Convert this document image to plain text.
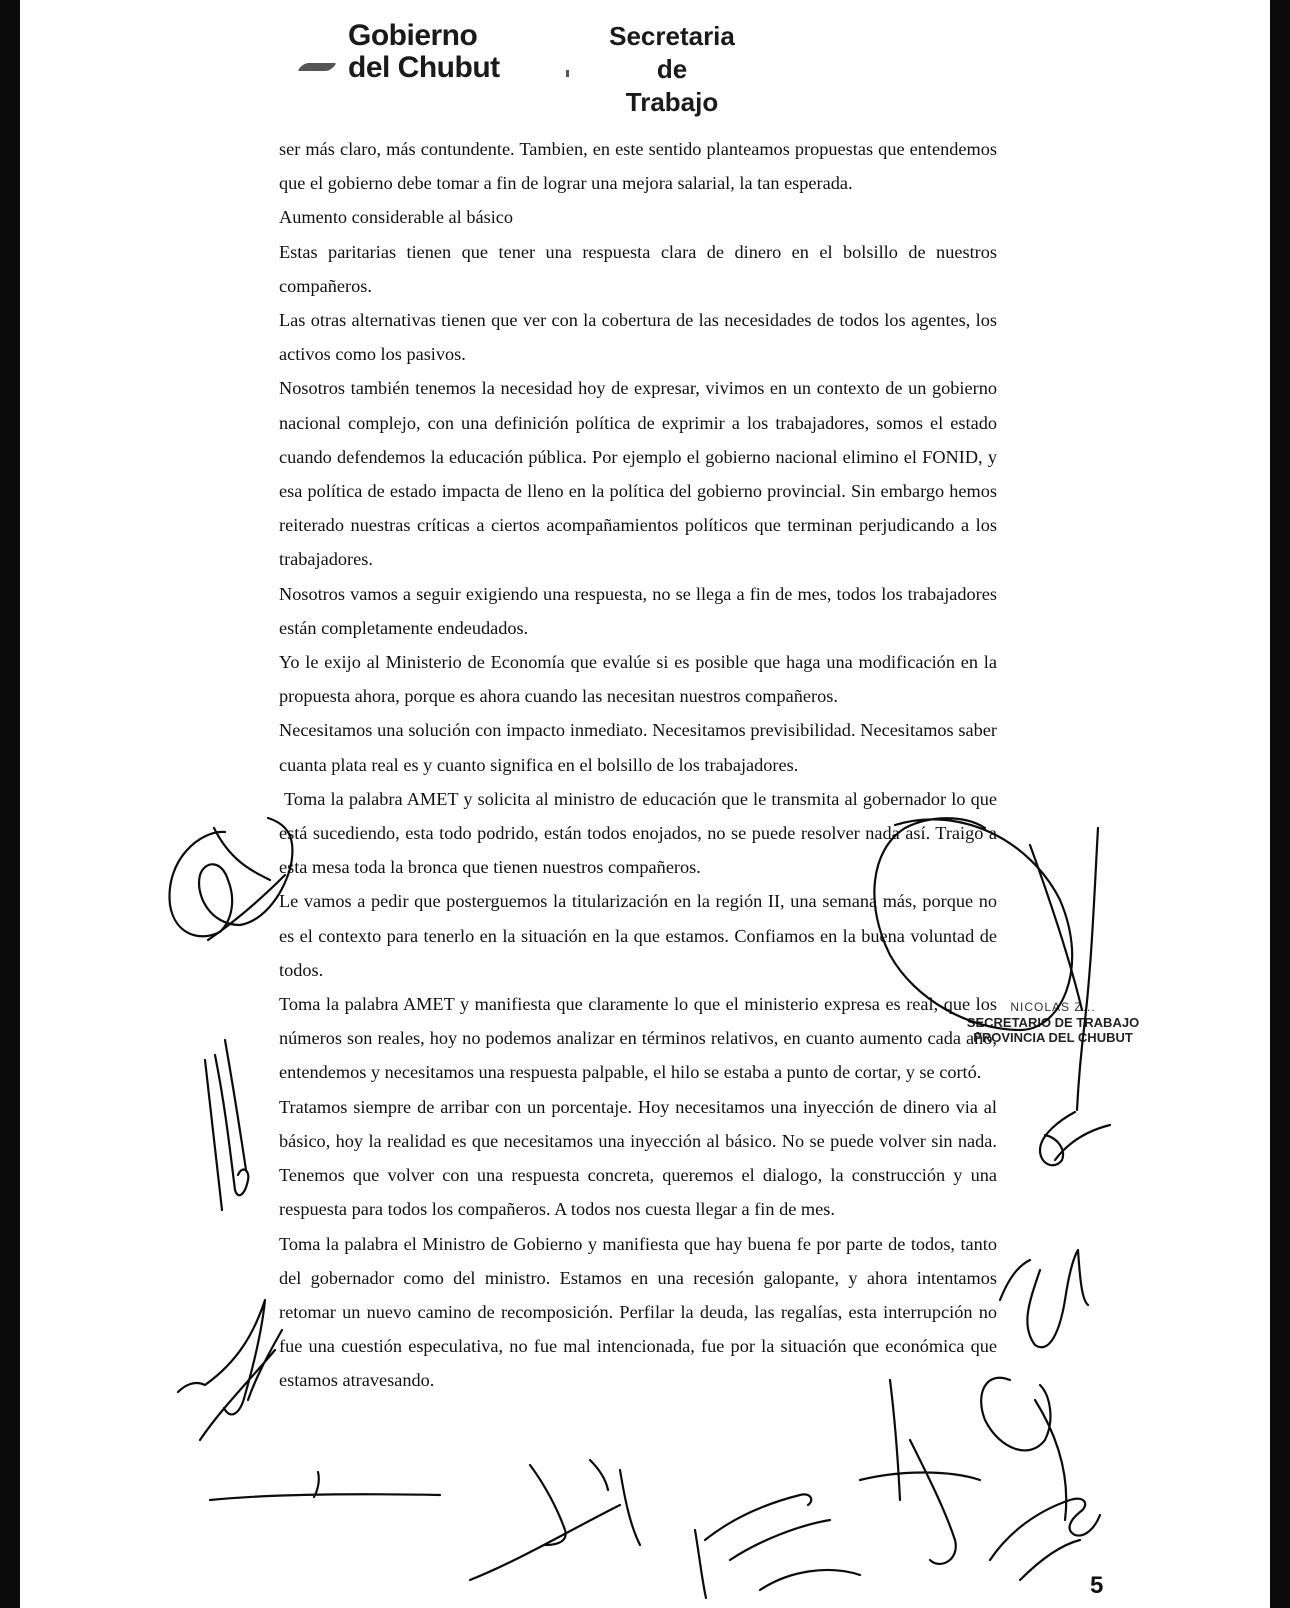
Gobierno
del Chubut
Secretaria de
Trabajo

ser más claro, más contundente. Tambien, en este sentido planteamos propuestas que entendemos que el gobierno debe tomar a fin de lograr una mejora salarial, la tan esperada.

Aumento considerable al básico

Estas paritarias tienen que tener una respuesta clara de dinero en el bolsillo de nuestros compañeros.

Las otras alternativas tienen que ver con la cobertura de las necesidades de todos los agentes, los activos como los pasivos.

Nosotros también tenemos la necesidad hoy de expresar, vivimos en un contexto de un gobierno nacional complejo, con una definición política de exprimir a los trabajadores, somos el estado cuando defendemos la educación pública. Por ejemplo el gobierno nacional elimino el FONID, y esa política de estado impacta de lleno en la política del gobierno provincial. Sin embargo hemos reiterado nuestras críticas a ciertos acompañamientos políticos que terminan perjudicando a los trabajadores.

Nosotros vamos a seguir exigiendo una respuesta, no se llega a fin de mes, todos los trabajadores están completamente endeudados.

Yo le exijo al Ministerio de Economía que evalúe si es posible que haga una modificación en la propuesta ahora, porque es ahora cuando las necesitan nuestros compañeros.

Necesitamos una solución con impacto inmediato. Necesitamos previsibilidad. Necesitamos saber cuanta plata real es y cuanto significa en el bolsillo de los trabajadores.

Toma la palabra AMET y solicita al ministro de educación que le transmita al gobernador lo que está sucediendo, esta todo podrido, están todos enojados, no se puede resolver nada así. Traigo a esta mesa toda la bronca que tienen nuestros compañeros.

Le vamos a pedir que posterguemos la titularización en la región II, una semana más, porque no es el contexto para tenerlo en la situación en la que estamos. Confiamos en la buena voluntad de todos.

Toma la palabra AMET y manifiesta que claramente lo que el ministerio expresa es real, que los números son reales, hoy no podemos analizar en términos relativos, en cuanto aumento cada año, entendemos y necesitamos una respuesta palpable, el hilo se estaba a punto de cortar, y se cortó.

Tratamos siempre de arribar con un porcentaje. Hoy necesitamos una inyección de dinero via al básico, hoy la realidad es que necesitamos una inyección al básico. No se puede volver sin nada. Tenemos que volver con una respuesta concreta, queremos el dialogo, la construcción y una respuesta para todos los compañeros. A todos nos cuesta llegar a fin de mes.

Toma la palabra el Ministro de Gobierno y manifiesta que hay buena fe por parte de todos, tanto del gobernador como del ministro. Estamos en una recesión galopante, y ahora intentamos retomar un nuevo camino de recomposición. Perfilar la deuda, las regalías, esta interrupción no fue una cuestión especulativa, no fue mal intencionada, fue por la situación que económica que estamos atravesando.

NICOLAS Z...
SECRETARIO DE TRABAJO
PROVINCIA DEL CHUBUT
5
